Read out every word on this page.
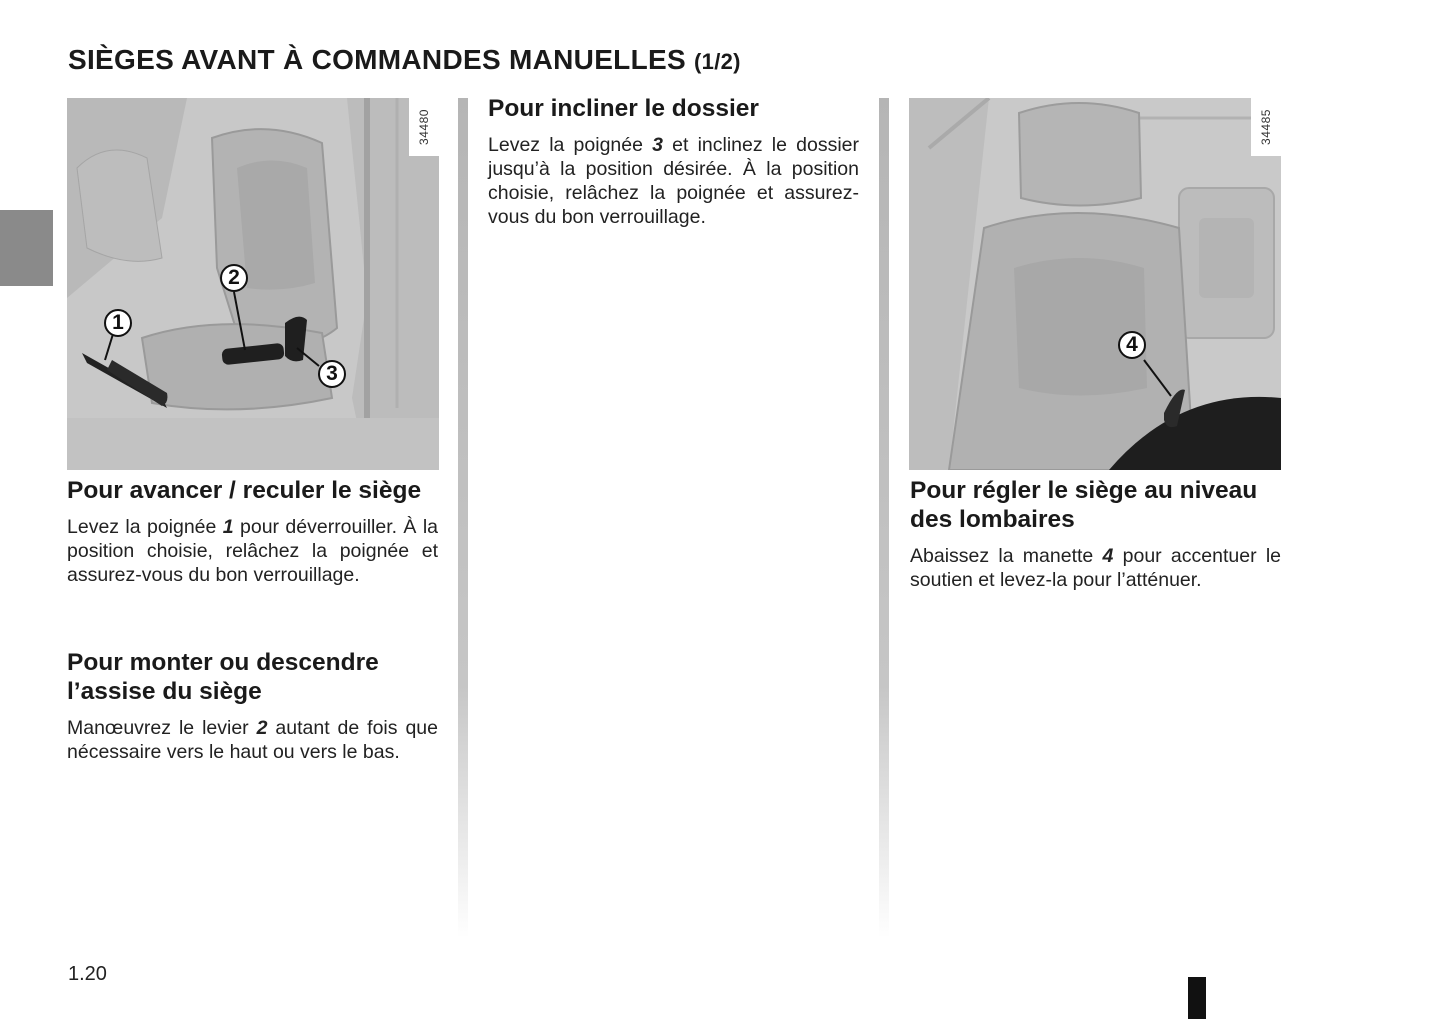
SIÈGES AVANT À COMMANDES MANUELLES (1/2)
34480
1
2
3
34485
4
Pour avancer / reculer le siège

Levez la poignée 1 pour déverrouiller. À la position choisie, relâchez la poignée et assurez-vous du bon verrouillage.

Pour monter ou descendre l’assise du siège

Manœuvrez le levier 2 autant de fois que nécessaire vers le haut ou vers le bas.

Pour incliner le dossier

Levez la poignée 3 et inclinez le dossier jusqu’à la position désirée. À la position choisie, relâchez la poignée et assurez-vous du bon verrouillage.

Pour régler le siège au niveau des lombaires

Abaissez la manette 4 pour accentuer le soutien et levez-la pour l’atténuer.

1.20
